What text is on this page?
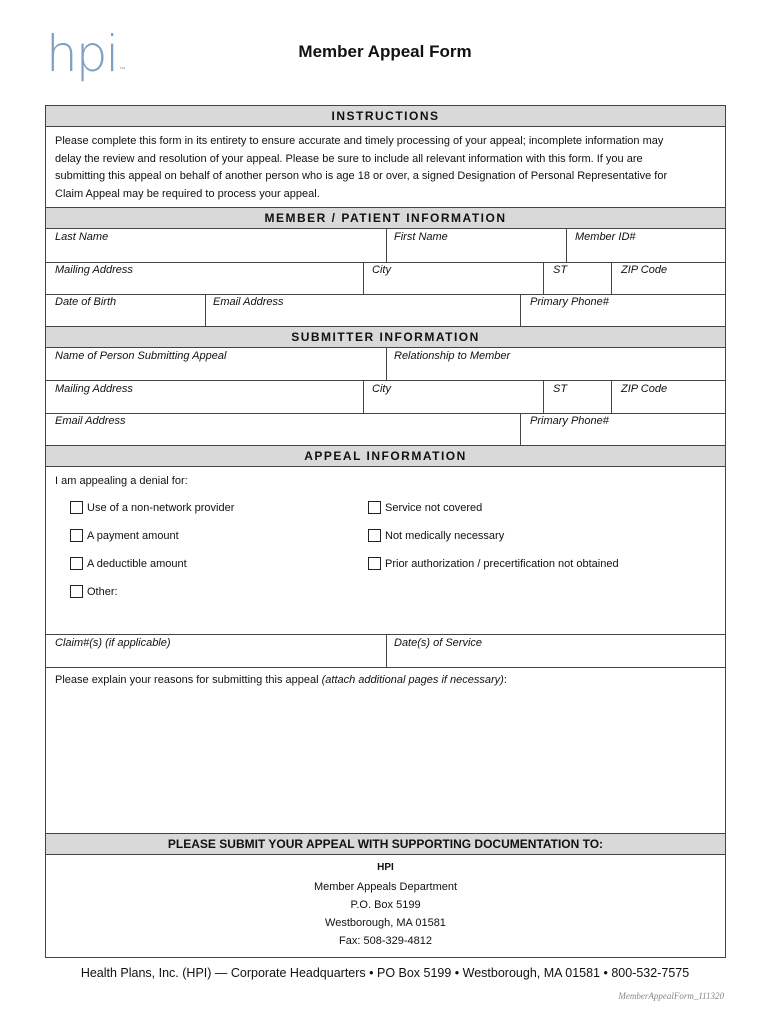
hpi ™
Member Appeal Form
INSTRUCTIONS
Please complete this form in its entirety to ensure accurate and timely processing of your appeal; incomplete information may
delay the review and resolution of your appeal. Please be sure to include all relevant information with this form. If you are
submitting this appeal on behalf of another person who is age 18 or over, a signed Designation of Personal Representative for
Claim Appeal may be required to process your appeal.
MEMBER / PATIENT INFORMATION
Last Name	First Name	Member ID#
Mailing Address	City	ST	ZIP Code
Date of Birth	Email Address	Primary Phone#
SUBMITTER INFORMATION
Name of Person Submitting Appeal	Relationship to Member
Mailing Address	City	ST	ZIP Code
Email Address	Primary Phone#
APPEAL INFORMATION
I am appealing a denial for:
Use of a non-network provider
A payment amount
A deductible amount
Other:
Service not covered
Not medically necessary
Prior authorization / precertification not obtained
Claim#(s) (if applicable)	Date(s) of Service
Please explain your reasons for submitting this appeal (attach additional pages if necessary):
PLEASE SUBMIT YOUR APPEAL WITH SUPPORTING DOCUMENTATION TO:
HPI
Member Appeals Department
P.O. Box 5199
Westborough, MA 01581
Fax: 508-329-4812
Health Plans, Inc. (HPI) — Corporate Headquarters • PO Box 5199 • Westborough, MA 01581 • 800-532-7575
MemberAppealForm_111320
